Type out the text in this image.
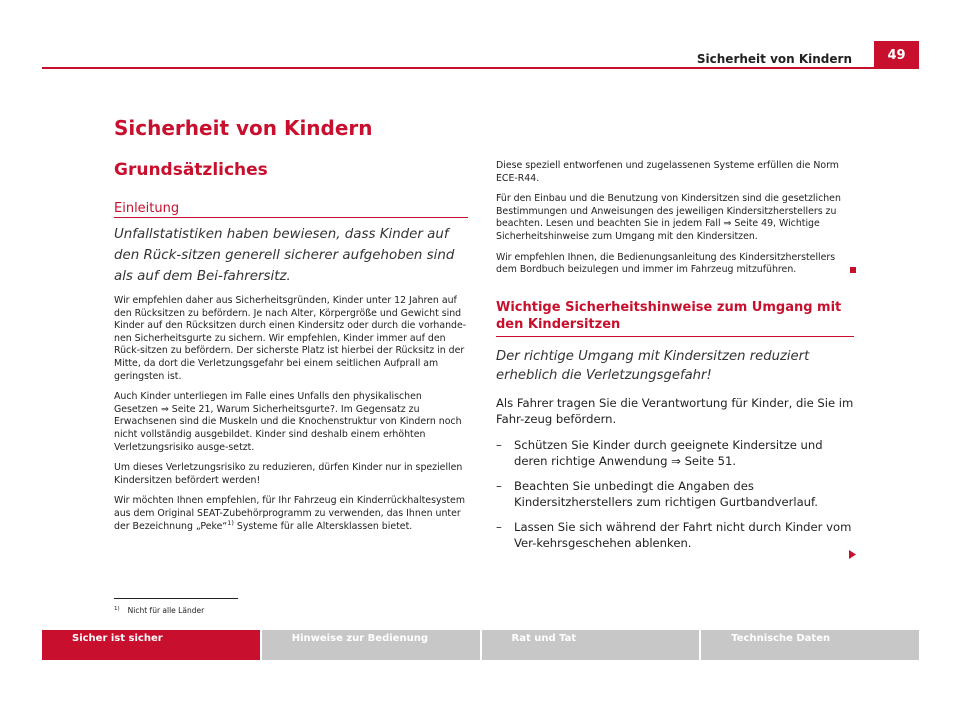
Sicherheit von Kindern	49
Sicherheit von Kindern
Grundsätzliches
Einleitung

Unfallstatistiken haben bewiesen, dass Kinder auf den Rück-sitzen generell sicherer aufgehoben sind als auf dem Bei-fahrersitz.

Wir empfehlen daher aus Sicherheitsgründen, Kinder unter 12 Jahren auf den Rücksitzen zu befördern. Je nach Alter, Körpergröße und Gewicht sind Kinder auf den Rücksitzen durch einen Kindersitz oder durch die vorhande-nen Sicherheitsgurte zu sichern. Wir empfehlen, Kinder immer auf den Rück-sitzen zu befördern. Der sicherste Platz ist hierbei der Rücksitz in der Mitte, da dort die Verletzungsgefahr bei einem seitlichen Aufprall am geringsten ist.

Auch Kinder unterliegen im Falle eines Unfalls den physikalischen Gesetzen ⇒ Seite 21, Warum Sicherheitsgurte?. Im Gegensatz zu Erwachsenen sind die Muskeln und die Knochenstruktur von Kindern noch nicht vollständig ausgebildet. Kinder sind deshalb einem erhöhten Verletzungsrisiko ausge-setzt.

Um dieses Verletzungsrisiko zu reduzieren, dürfen Kinder nur in speziellen Kindersitzen befördert werden!

Wir möchten Ihnen empfehlen, für Ihr Fahrzeug ein Kinderrückhaltesystem aus dem Original SEAT-Zubehörprogramm zu verwenden, das Ihnen unter der Bezeichnung „Peke“$^{1)}$ Systeme für alle Altersklassen bietet.

Diese speziell entworfenen und zugelassenen Systeme erfüllen die Norm ECE-R44.

Für den Einbau und die Benutzung von Kindersitzen sind die gesetzlichen Bestimmungen und Anweisungen des jeweiligen Kindersitzherstellers zu beachten. Lesen und beachten Sie in jedem Fall ⇒ Seite 49, Wichtige Sicherheitshinweise zum Umgang mit den Kindersitzen.

Wir empfehlen Ihnen, die Bedienungsanleitung des Kindersitzherstellers dem Bordbuch beizulegen und immer im Fahrzeug mitzuführen.

Wichtige Sicherheitshinweise zum Umgang mit den Kindersitzen

Der richtige Umgang mit Kindersitzen reduziert erheblich die Verletzungsgefahr!

Als Fahrer tragen Sie die Verantwortung für Kinder, die Sie im Fahr-zeug befördern.

–	Schützen Sie Kinder durch geeignete Kindersitze und deren richtige Anwendung ⇒ Seite 51.
–	Beachten Sie unbedingt die Angaben des Kindersitzherstellers zum richtigen Gurtbandverlauf.
–	Lassen Sie sich während der Fahrt nicht durch Kinder vom Ver-kehrsgeschehen ablenken.
$^{1)}$ Nicht für alle Länder
Sicher ist sicher	Hinweise zur Bedienung	Rat und Tat	Technische Daten
